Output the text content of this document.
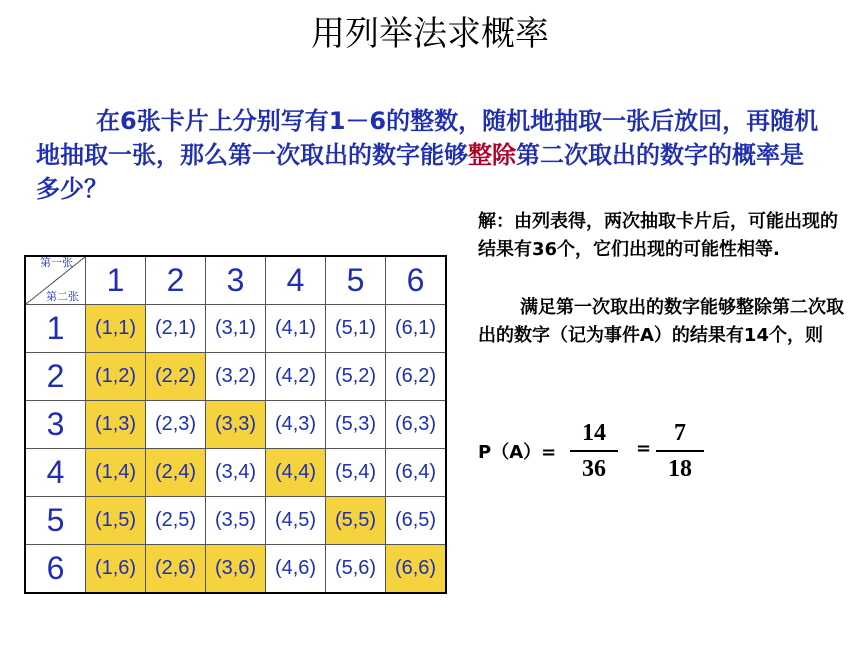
用列举法求概率
在6张卡片上分别写有1－6的整数，随机地抽取一张后放回，再随机地抽取一张，那么第一次取出的数字能够整除第二次取出的数字的概率是多少？
第一张
第二张	1	2	3	4	5	6
1	(1,1)	(2,1)	(3,1)	(4,1)	(5,1)	(6,1)
2	(1,2)	(2,2)	(3,2)	(4,2)	(5,2)	(6,2)
3	(1,3)	(2,3)	(3,3)	(4,3)	(5,3)	(6,3)
4	(1,4)	(2,4)	(3,4)	(4,4)	(5,4)	(6,4)
5	(1,5)	(2,5)	(3,5)	(4,5)	(5,5)	(6,5)
6	(1,6)	(2,6)	(3,6)	(4,6)	(5,6)	(6,6)

解：由列表得，两次抽取卡片后，可能出现的结果有36个，它们出现的可能性相等.

满足第一次取出的数字能够整除第二次取出的数字（记为事件A）的结果有14个，则

P（A）=
14
36
=
7
18
